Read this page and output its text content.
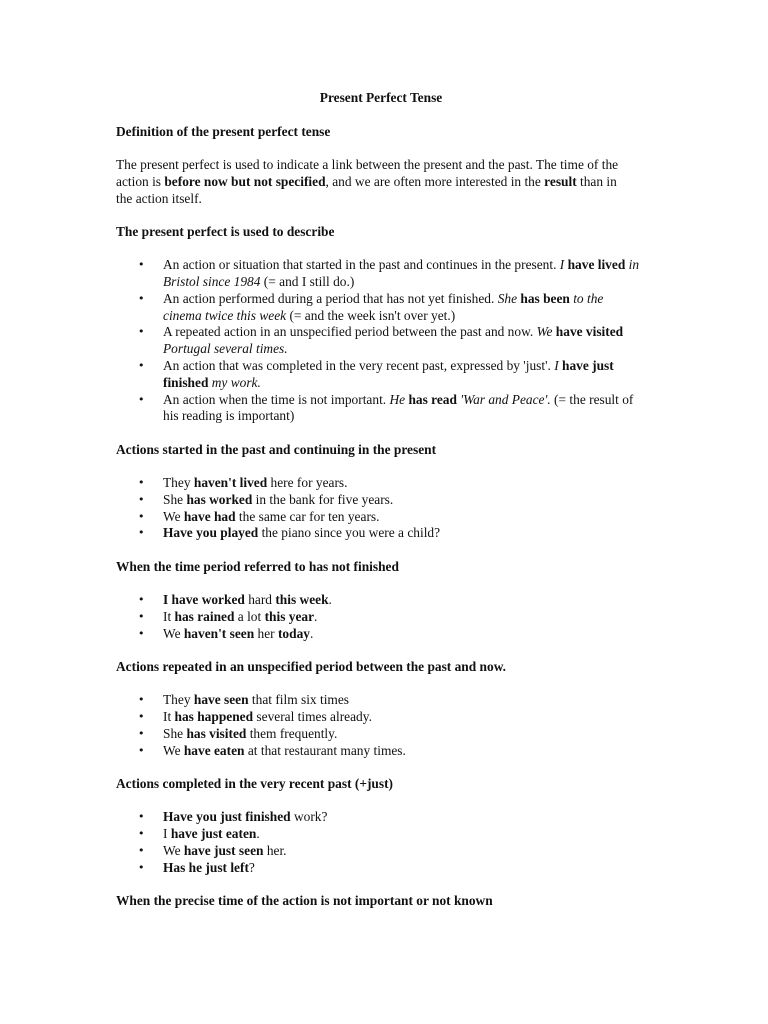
Present Perfect Tense
Definition of the present perfect tense
The present perfect is used to indicate a link between the present and the past. The time of the action is before now but not specified, and we are often more interested in the result than in the action itself.
The present perfect is used to describe
• An action or situation that started in the past and continues in the present. I have lived in Bristol since 1984 (= and I still do.)
• An action performed during a period that has not yet finished. She has been to the cinema twice this week (= and the week isn't over yet.)
• A repeated action in an unspecified period between the past and now. We have visited Portugal several times.
• An action that was completed in the very recent past, expressed by 'just'. I have just finished my work.
• An action when the time is not important. He has read 'War and Peace'. (= the result of his reading is important)
Actions started in the past and continuing in the present
• They haven't lived here for years.
• She has worked in the bank for five years.
• We have had the same car for ten years.
• Have you played the piano since you were a child?
When the time period referred to has not finished
• I have worked hard this week.
• It has rained a lot this year.
• We haven't seen her today.
Actions repeated in an unspecified period between the past and now.
• They have seen that film six times
• It has happened several times already.
• She has visited them frequently.
• We have eaten at that restaurant many times.
Actions completed in the very recent past (+just)
• Have you just finished work?
• I have just eaten.
• We have just seen her.
• Has he just left?
When the precise time of the action is not important or not known
